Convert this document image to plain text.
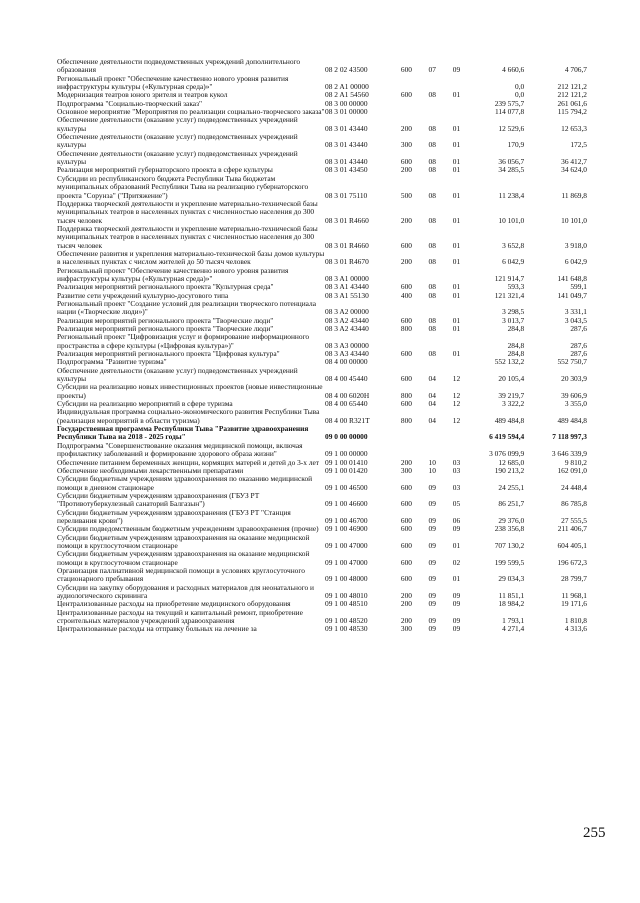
Обеспечение деятельности подведомственных учреждений дополнительного образования	08 2 02 43500	600	07	09	4 660,6	4 706,7
Региональный проект "Обеспечение качественно нового уровня развития инфраструктуры культуры («Культурная среда)»"	08 2 A1 00000				0,0	212 121,2
Модернизация театров юного зрителя и театров кукол	08 2 A1 54560	600	08	01	0,0	212 121,2
Подпрограмма "Социально-творческий заказ"	08 3 00 00000				239 575,7	261 061,6
Основное мероприятие "Мероприятия по реализации социально-творческого заказа"	08 3 01 00000				114 077,8	115 794,2
Обеспечение деятельности (оказание услуг) подведомственных учреждений культуры	08 3 01 43440	200	08	01	12 529,6	12 653,3
Обеспечение деятельности (оказание услуг) подведомственных учреждений культуры	08 3 01 43440	300	08	01	170,9	172,5
Обеспечение деятельности (оказание услуг) подведомственных учреждений культуры	08 3 01 43440	600	08	01	36 056,7	36 412,7
Реализация мероприятий губернаторского проекта в сфере культуры	08 3 01 43450	200	08	01	34 285,5	34 624,0
Субсидии из республиканского бюджета Республики Тыва бюджетам муниципальных образований Республики Тыва на реализацию губернаторского проекта "Сорунза" ("Притяжение")	08 3 01 75110	500	08	01	11 238,4	11 869,8
Поддержка творческой деятельности и укрепление материально-технической базы муниципальных театров в населенных пунктах с численностью населения до 300 тысяч человек	08 3 01 R4660	200	08	01	10 101,0	10 101,0
Поддержка творческой деятельности и укрепление материально-технической базы муниципальных театров в населенных пунктах с численностью населения до 300 тысяч человек	08 3 01 R4660	600	08	01	3 652,8	3 918,0
Обеспечение развития и укрепления материально-технической базы домов культуры в населенных пунктах с числом жителей до 50 тысяч человек	08 3 01 R4670	200	08	01	6 042,9	6 042,9
Региональный проект "Обеспечение качественно нового уровня развития инфраструктуры культуры («Культурная среда)»"	08 3 A1 00000				121 914,7	141 648,8
Реализация мероприятий регионального проекта "Культурная среда"	08 3 A1 43440	600	08	01	593,3	599,1
Развитие сети учреждений культурно-досугового типа	08 3 A1 55130	400	08	01	121 321,4	141 049,7
Региональный проект "Создание условий для реализации творческого потенциала нации («Творческие люди»)"	08 3 A2 00000				3 298,5	3 331,1
Реализация мероприятий регионального проекта "Творческие люди"	08 3 A2 43440	600	08	01	3 013,7	3 043,5
Реализация мероприятий регионального проекта "Творческие люди"	08 3 A2 43440	800	08	01	284,8	287,6
Региональный проект "Цифровизация услуг и формирование информационного пространства в сфере культуры («Цифровая культура»)"	08 3 A3 00000				284,8	287,6
Реализация мероприятий регионального проекта "Цифровая культура"	08 3 A3 43440	600	08	01	284,8	287,6
Подпрограмма "Развитие туризма"	08 4 00 00000				552 132,2	552 750,7
Обеспечение деятельности (оказание услуг) подведомственных учреждений культуры	08 4 00 45440	600	04	12	20 105,4	20 303,9
Субсидии на реализацию новых инвестиционных проектов (новые инвестиционные проекты)	08 4 00 6020H	800	04	12	39 219,7	39 606,9
Субсидии на реализацию мероприятий в сфере туризма	08 4 00 65440	600	04	12	3 322,2	3 355,0
Индивидуальная программа социально-экономического развития Республики Тыва (реализация мероприятий в области туризма)	08 4 00 R321T	800	04	12	489 484,8	489 484,8
Государственная программа Республики Тыва "Развитие здравоохранения Республики Тыва на 2018 - 2025 годы"	09 0 00 00000				6 419 594,4	7 118 997,3
Подпрограмма "Совершенствование оказания медицинской помощи, включая профилактику заболеваний и формирование здорового образа жизни"	09 1 00 00000				3 076 099,9	3 646 339,9
Обеспечение питанием беременных женщин, кормящих матерей и детей до 3-х лет	09 1 00 01410	200	10	03	12 685,0	9 810,2
Обеспечение необходимыми лекарственными препаратами	09 1 00 01420	300	10	03	190 213,2	162 091,0
Субсидии бюджетным учреждениям здравоохранения по оказанию медицинской помощи в дневном стационаре	09 1 00 46500	600	09	03	24 255,1	24 448,4
Субсидии бюджетным учреждениям здравоохранения (ГБУЗ РТ "Противотуберкулезный санаторий Балгазын")	09 1 00 46600	600	09	05	86 251,7	86 785,8
Субсидии бюджетным учреждениям здравоохранения (ГБУЗ РТ "Станция переливания крови")	09 1 00 46700	600	09	06	29 376,0	27 555,5
Субсидии подведомственным бюджетным учреждениям здравоохранения (прочие)	09 1 00 46900	600	09	09	238 356,8	211 406,7
Субсидии бюджетным учреждениям здравоохранения на оказание медицинской помощи в круглосуточном стационаре	09 1 00 47000	600	09	01	707 130,2	604 405,1
Субсидии бюджетным учреждениям здравоохранения на оказание медицинской помощи в круглосуточном стационаре	09 1 00 47000	600	09	02	199 599,5	196 672,3
Организация паллиативной медицинской помощи в условиях круглосуточного стационарного пребывания	09 1 00 48000	600	09	01	29 034,3	28 799,7
Субсидии на закупку оборудования и расходных материалов для неонатального и аудиологического скрининга	09 1 00 48010	200	09	09	11 851,1	11 968,1
Централизованные расходы на приобретение медицинского оборудования	09 1 00 48510	200	09	09	18 984,2	19 171,6
Централизованные расходы на текущий и капитальный ремонт, приобретение строительных материалов учреждений здравоохранения	09 1 00 48520	200	09	09	1 793,1	1 810,8
Централизованные расходы на отправку больных на лечение за	09 1 00 48530	300	09	09	4 271,4	4 313,6
255
